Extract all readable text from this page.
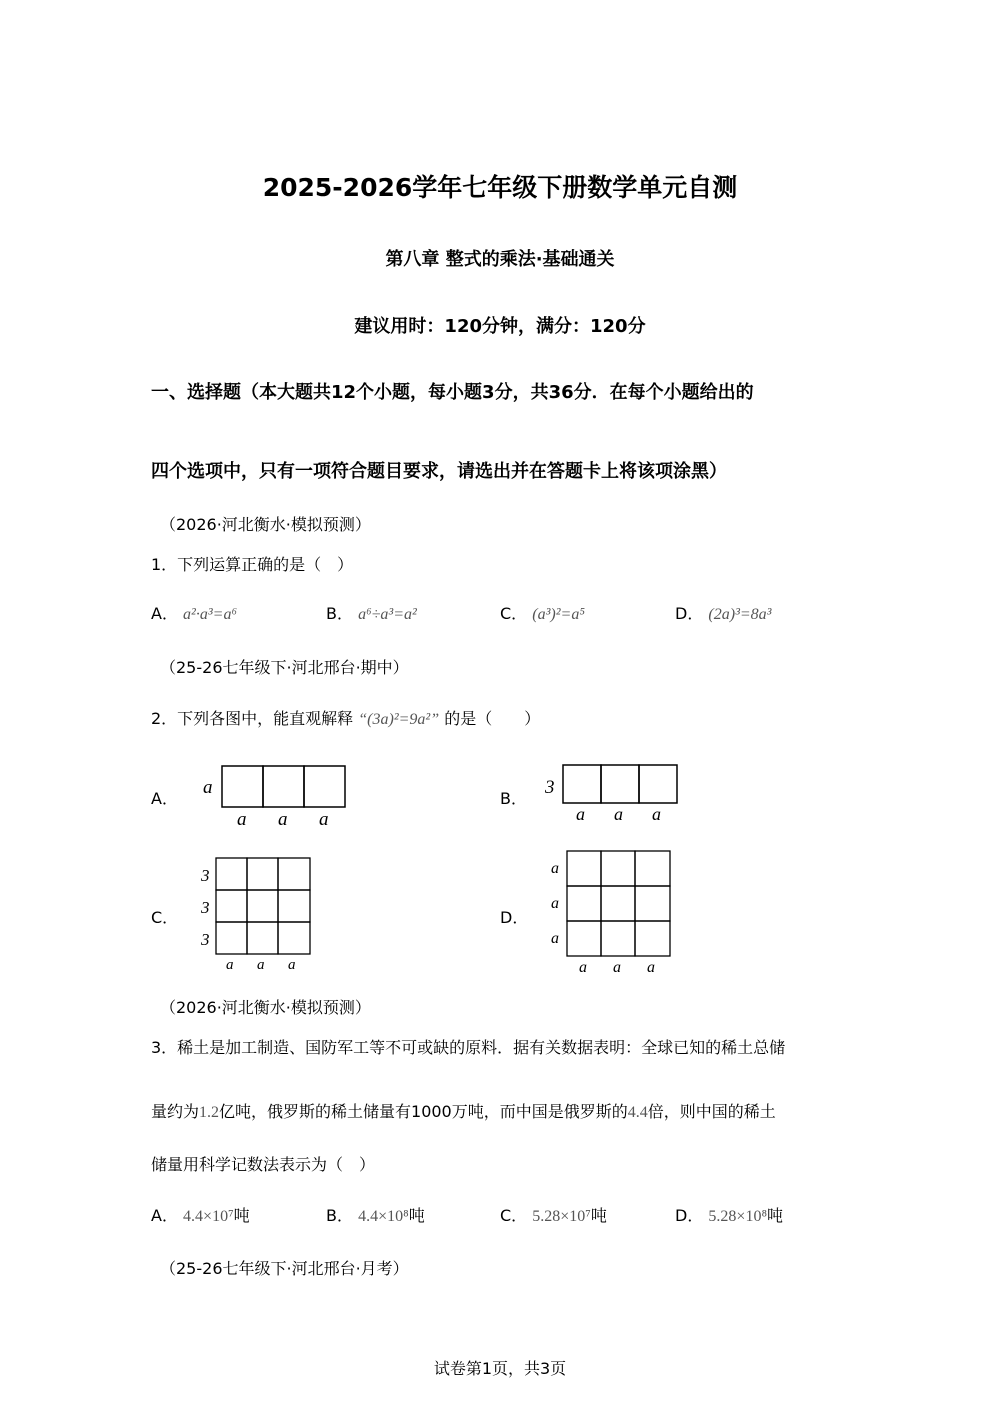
2025-2026学年七年级下册数学单元自测
第八章 整式的乘法·基础通关
建议用时：120分钟，满分：120分
一、选择题（本大题共12个小题，每小题3分，共36分．在每个小题给出的
四个选项中，只有一项符合题目要求，请选出并在答题卡上将该项涂黑）
（2026·河北衡水·模拟预测）
1．下列运算正确的是（　）
A． a²·a³=a⁶	B． a⁶÷a³=a²	C． (a³)²=a⁵	D． (2a)³=8a³
（25-26七年级下·河北邢台·期中）
2．下列各图中，能直观解释 “(3a)²=9a²” 的是（　　）
A．
a
a a a
B．
3
a a a
C．
3
3
3
a a a
D．
a
a
a
a a a
（2026·河北衡水·模拟预测）
3．稀土是加工制造、国防军工等不可或缺的原料．据有关数据表明：全球已知的稀土总储
量约为1.2亿吨，俄罗斯的稀土储量有1000万吨，而中国是俄罗斯的4.4倍，则中国的稀土
储量用科学记数法表示为（　）
A． 4.4×10⁷吨	B． 4.4×10⁸吨	C． 5.28×10⁷吨	D． 5.28×10⁸吨
（25-26七年级下·河北邢台·月考）
试卷第1页，共3页
